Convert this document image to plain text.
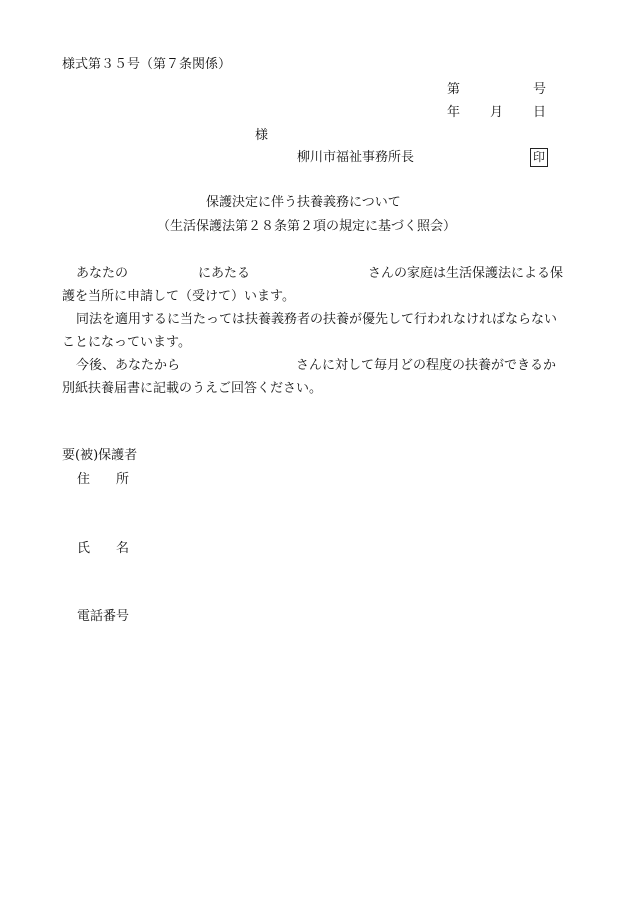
様式第３５号（第７条関係）
第	号
年 月 日
様
柳川市福祉事務所長	印
保護決定に伴う扶養義務について
（生活保護法第２８条第２項の規定に基づく照会）

あなたの	にあたる	さんの家庭は生活保護法による保護を当所に申請して（受けて）います。

同法を適用するに当たっては扶養義務者の扶養が優先して行われなければならないことになっています。

今後、あなたから	さんに対して毎月どの程度の扶養ができるか別紙扶養届書に記載のうえご回答ください。

要(被)保護者
住　　所
氏　　名
電話番号
